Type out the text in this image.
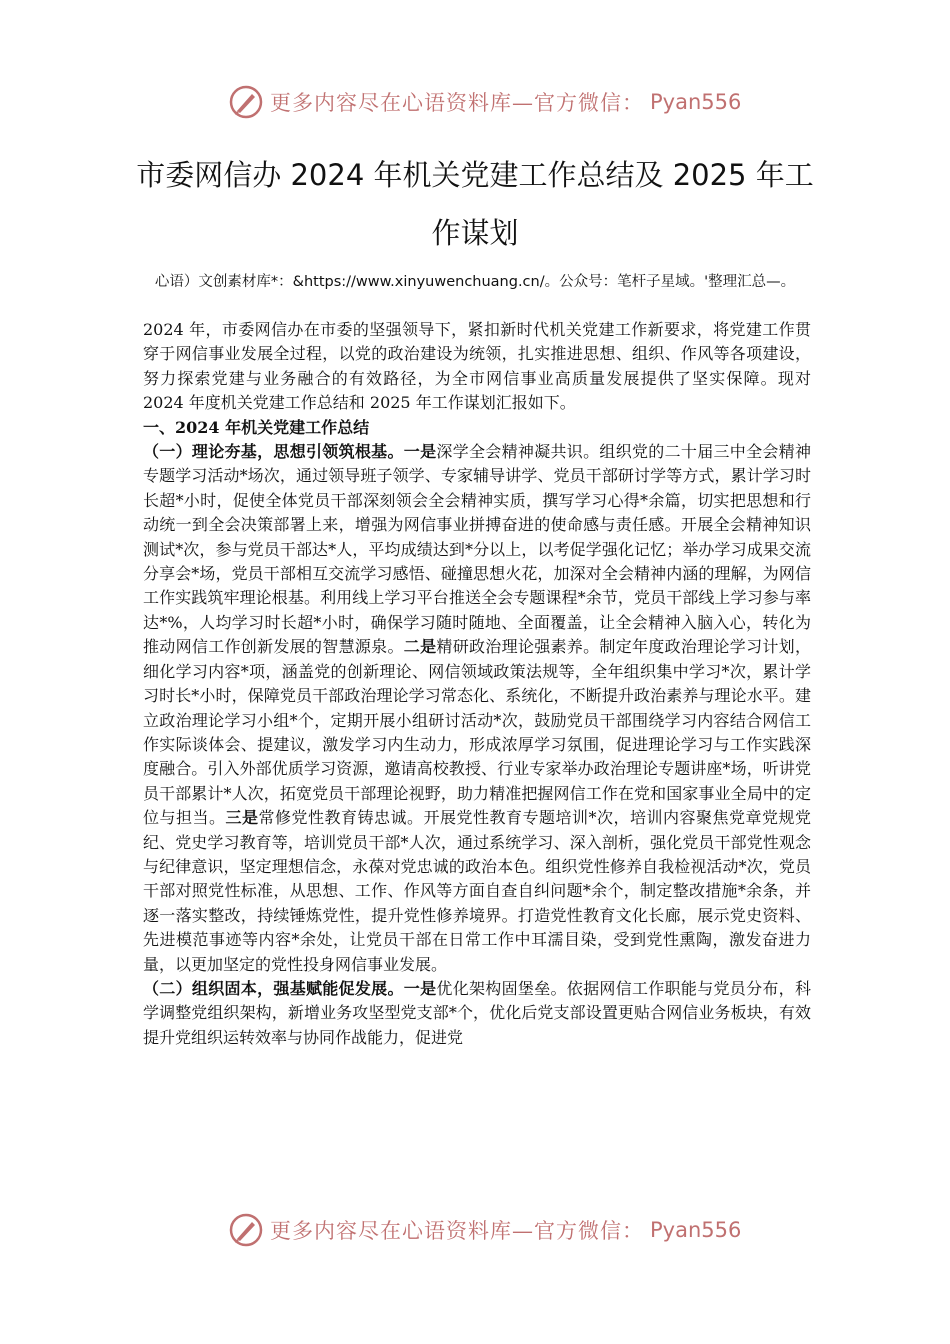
更多内容尽在心语资料库—官方微信： Pyan556
市委网信办 2024 年机关党建工作总结及 2025 年工作谋划
心语）文创素材库*：&https://www.xinyuwenchuang.cn/。公众号：笔杆子星域。'整理汇总—。

2024 年，市委网信办在市委的坚强领导下，紧扣新时代机关党建工作新要求，将党建工作贯穿于网信事业发展全过程，以党的政治建设为统领，扎实推进思想、组织、作风等各项建设，努力探索党建与业务融合的有效路径，为全市网信事业高质量发展提供了坚实保障。现对 2024 年度机关党建工作总结和 2025 年工作谋划汇报如下。

一、2024 年机关党建工作总结

（一）理论夯基，思想引领筑根基。一是深学全会精神凝共识。组织党的二十届三中全会精神专题学习活动*场次，通过领导班子领学、专家辅导讲学、党员干部研讨学等方式，累计学习时长超*小时，促使全体党员干部深刻领会全会精神实质，撰写学习心得*余篇，切实把思想和行动统一到全会决策部署上来，增强为网信事业拼搏奋进的使命感与责任感。开展全会精神知识测试*次，参与党员干部达*人，平均成绩达到*分以上，以考促学强化记忆；举办学习成果交流分享会*场，党员干部相互交流学习感悟、碰撞思想火花，加深对全会精神内涵的理解，为网信工作实践筑牢理论根基。利用线上学习平台推送全会专题课程*余节，党员干部线上学习参与率达*%，人均学习时长超*小时，确保学习随时随地、全面覆盖，让全会精神入脑入心，转化为推动网信工作创新发展的智慧源泉。二是精研政治理论强素养。制定年度政治理论学习计划，细化学习内容*项，涵盖党的创新理论、网信领域政策法规等，全年组织集中学习*次，累计学习时长*小时，保障党员干部政治理论学习常态化、系统化，不断提升政治素养与理论水平。建立政治理论学习小组*个，定期开展小组研讨活动*次，鼓励党员干部围绕学习内容结合网信工作实际谈体会、提建议，激发学习内生动力，形成浓厚学习氛围，促进理论学习与工作实践深度融合。引入外部优质学习资源，邀请高校教授、行业专家举办政治理论专题讲座*场，听讲党员干部累计*人次，拓宽党员干部理论视野，助力精准把握网信工作在党和国家事业全局中的定位与担当。三是常修党性教育铸忠诚。开展党性教育专题培训*次，培训内容聚焦党章党规党纪、党史学习教育等，培训党员干部*人次，通过系统学习、深入剖析，强化党员干部党性观念与纪律意识，坚定理想信念，永葆对党忠诚的政治本色。组织党性修养自我检视活动*次，党员干部对照党性标准，从思想、工作、作风等方面自查自纠问题*余个，制定整改措施*余条，并逐一落实整改，持续锤炼党性，提升党性修养境界。打造党性教育文化长廊，展示党史资料、先进模范事迹等内容*余处，让党员干部在日常工作中耳濡目染，受到党性熏陶，激发奋进力量，以更加坚定的党性投身网信事业发展。

（二）组织固本，强基赋能促发展。一是优化架构固堡垒。依据网信工作职能与党员分布，科学调整党组织架构，新增业务攻坚型党支部*个，优化后党支部设置更贴合网信业务板块，有效提升党组织运转效率与协同作战能力，促进党

更多内容尽在心语资料库—官方微信： Pyan556
